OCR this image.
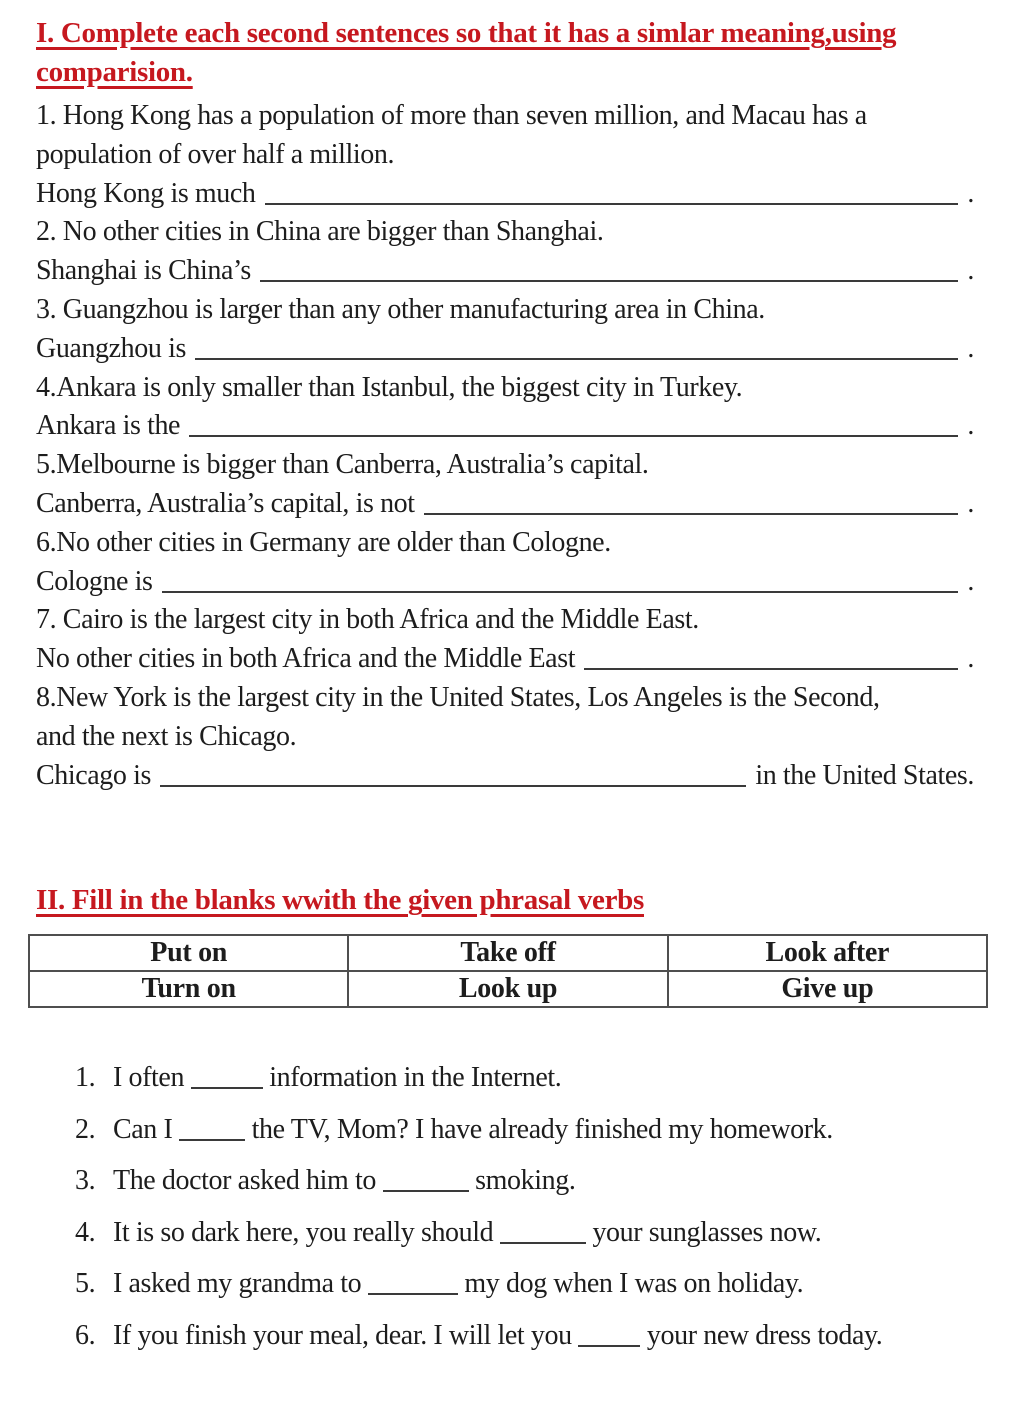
I. Complete each second sentences so that it has a simlar meaning,using
comparision.
1. Hong Kong has a population of more than seven million, and Macau has a
population of over half a million.
Hong Kong is much	.
2. No other cities in China are bigger than Shanghai.
Shanghai is China’s	.
3. Guangzhou is larger than any other manufacturing area in China.
Guangzhou is	.
4.Ankara is only smaller than Istanbul, the biggest city in Turkey.
Ankara is the	.
5.Melbourne is bigger than Canberra, Australia’s capital.
Canberra, Australia’s capital, is not	.
6.No other cities in Germany are older than Cologne.
Cologne is	.
7. Cairo is the largest city in both Africa and the Middle East.
No other cities in both Africa and the Middle East	.
8.New York is the largest city in the United States, Los Angeles is the Second,
and the next is Chicago.
Chicago is	in the United States.
II. Fill in the blanks wwith the given phrasal verbs
Put on	Take off	Look after
Turn on	Look up	Give up
1. I often	information in the Internet.
2. Can I	the TV, Mom? I have already finished my homework.
3. The doctor asked him to	smoking.
4. It is so dark here, you really should	your sunglasses now.
5. I asked my grandma to	my dog when I was on holiday.
6. If you finish your meal, dear. I will let you	your new dress today.
